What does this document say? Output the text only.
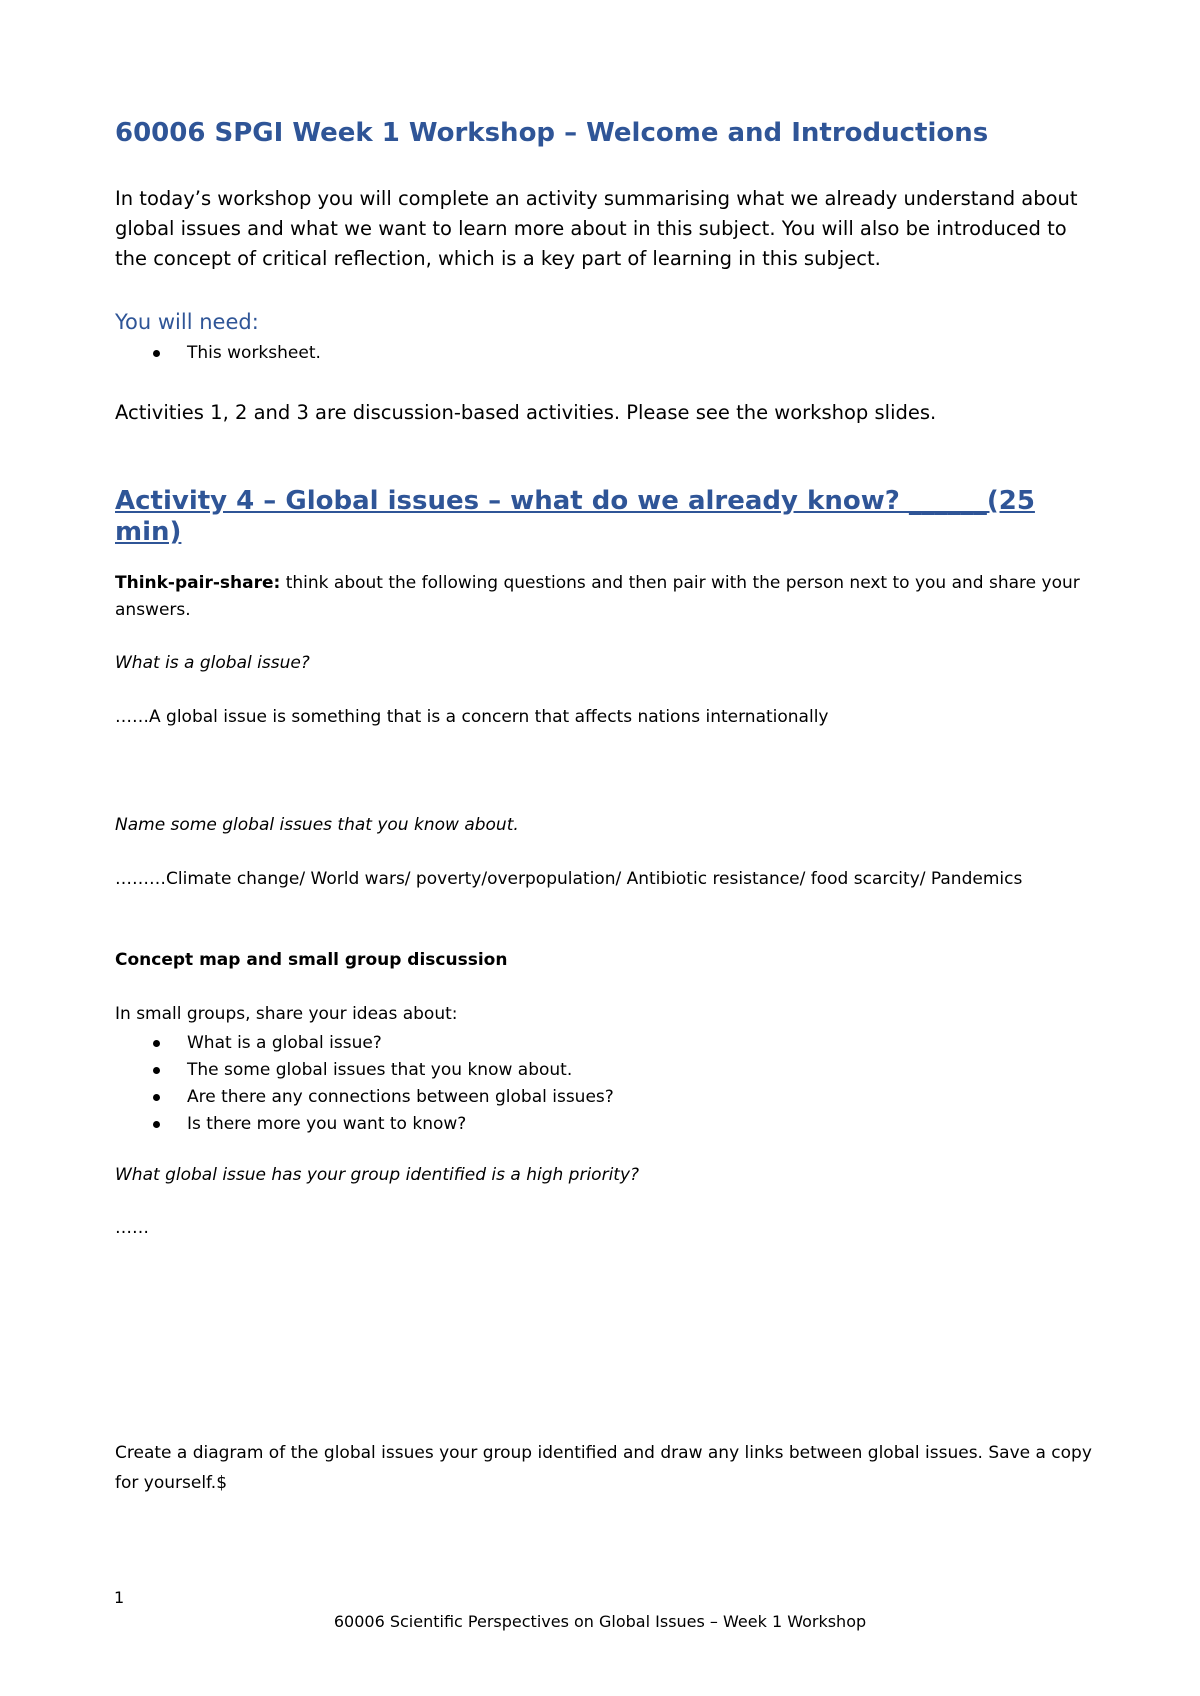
60006 SPGI Week 1 Workshop – Welcome and Introductions
In today’s workshop you will complete an activity summarising what we already understand about global issues and what we want to learn more about in this subject. You will also be introduced to the concept of critical reflection, which is a key part of learning in this subject.
You will need:
This worksheet.
Activities 1, 2 and 3 are discussion-based activities. Please see the workshop slides.
Activity 4 – Global issues – what do we already know? ______(25 min)
Think-pair-share: think about the following questions and then pair with the person next to you and share your answers.
What is a global issue?
……A global issue is something that is a concern that affects nations internationally
Name some global issues that you know about.
………Climate change/ World wars/ poverty/overpopulation/ Antibiotic resistance/ food scarcity/ Pandemics
Concept map and small group discussion
In small groups, share your ideas about:
What is a global issue?
The some global issues that you know about.
Are there any connections between global issues?
Is there more you want to know?
What global issue has your group identified is a high priority?
……
Create a diagram of the global issues your group identified and draw any links between global issues. Save a copy for yourself.$
1
60006 Scientific Perspectives on Global Issues – Week 1 Workshop
